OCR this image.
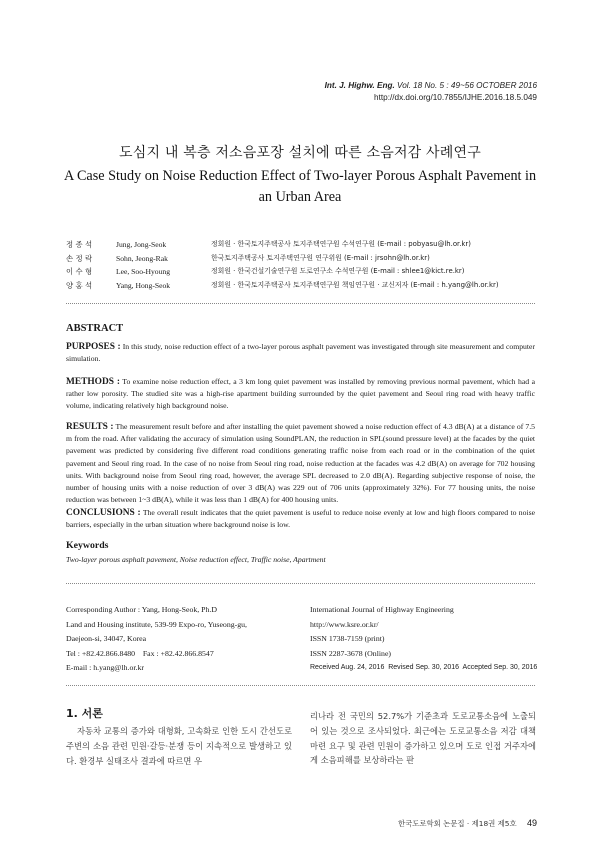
Int. J. Highw. Eng. Vol. 18 No. 5 : 49~56 OCTOBER 2016
http://dx.doi.org/10.7855/IJHE.2016.18.5.049
도심지 내 복층 저소음포장 설치에 따른 소음저감 사례연구
A Case Study on Noise Reduction Effect of Two-layer Porous Asphalt Pavement in an Urban Area
정 종 석	Jung, Jong-Seok	정회원 · 한국토지주택공사 토지주택연구원 수석연구원 (E-mail : pobyasu@lh.or.kr)
손 정 락	Sohn, Jeong-Rak	한국토지주택공사 토지주택연구원 연구위원 (E-mail : jrsohn@lh.or.kr)
이 수 형	Lee, Soo-Hyoung	정회원 · 한국건설기술연구원 도로연구소 수석연구원 (E-mail : shlee1@kict.re.kr)
양 홍 석	Yang, Hong-Seok	정회원 · 한국토지주택공사 토지주택연구원 책임연구원 · 교신저자 (E-mail : h.yang@lh.or.kr)
ABSTRACT
PURPOSES : In this study, noise reduction effect of a two-layer porous asphalt pavement was investigated through site measurement and computer simulation.
METHODS : To examine noise reduction effect, a 3 km long quiet pavement was installed by removing previous normal pavement, which had a rather low porosity. The studied site was a high-rise apartment building surrounded by the quiet pavement and Seoul ring road with heavy traffic volume, indicating relatively high background noise.
RESULTS : The measurement result before and after installing the quiet pavement showed a noise reduction effect of 4.3 dB(A) at a distance of 7.5 m from the road. After validating the accuracy of simulation using SoundPLAN, the reduction in SPL(sound pressure level) at the facades by the quiet pavement was predicted by considering five different road conditions generating traffic noise from each road or in the combination of the quiet pavement and Seoul ring road. In the case of no noise from Seoul ring road, noise reduction at the facades was 4.2 dB(A) on average for 702 housing units. With background noise from Seoul ring road, however, the average SPL decreased to 2.0 dB(A). Regarding subjective response of noise, the number of housing units with a noise reduction of over 3 dB(A) was 229 out of 706 units (approximately 32%). For 77 housing units, the noise reduction was between 1~3 dB(A), while it was less than 1 dB(A) for 400 housing units.
CONCLUSIONS : The overall result indicates that the quiet pavement is useful to reduce noise evenly at low and high floors compared to noise barriers, especially in the urban situation where background noise is low.
Keywords
Two-layer porous asphalt pavement, Noise reduction effect, Traffic noise, Apartment
Corresponding Author : Yang, Hong-Seok, Ph.D
Land and Housing institute, 539-99 Expo-ro, Yuseong-gu,
Daejeon-si, 34047, Korea
Tel : +82.42.866.8480    Fax : +82.42.866.8547
E-mail : h.yang@lh.or.kr
International Journal of Highway Engineering
http://www.ksre.or.kr/
ISSN 1738-7159 (print)
ISSN 2287-3678 (Online)
Received Aug. 24, 2016  Revised Sep. 30, 2016  Accepted Sep. 30, 2016
1. 서론
자동차 교통의 증가와 대형화, 고속화로 인한 도시 간선도로 주변의 소음 관련 민원·갈등·분쟁 등이 지속적으로 발생하고 있다. 환경부 실태조사 결과에 따르면 우
리나라 전 국민의 52.7%가 기준초과 도로교통소음에 노출되어 있는 것으로 조사되었다. 최근에는 도로교통소음 저감 대책 마련 요구 및 관련 민원이 증가하고 있으며 도로 인접 거주자에게 소음피해를 보상하라는 판
한국도로학회 논문집 · 제18권 제5호 49
